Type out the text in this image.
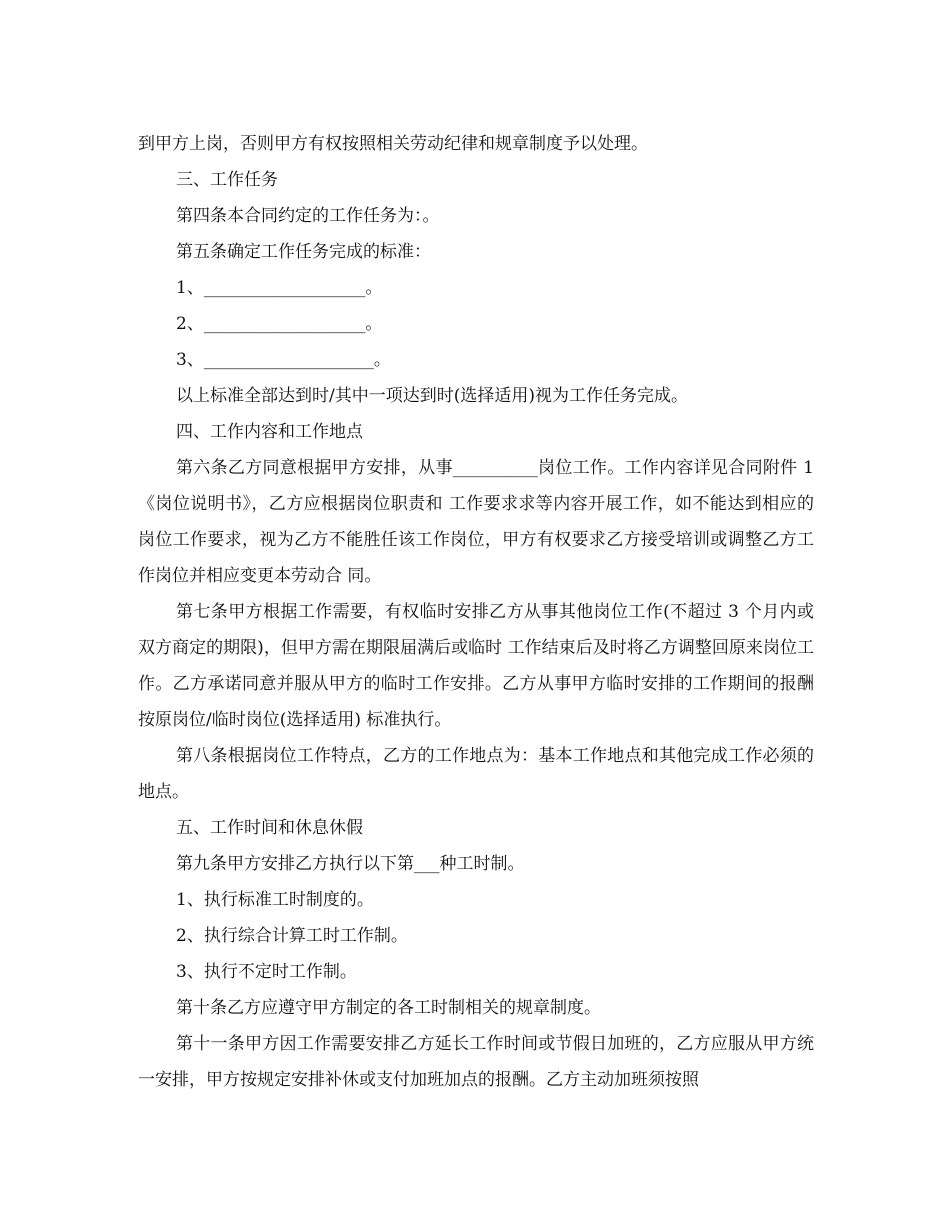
到甲方上岗，否则甲方有权按照相关劳动纪律和规章制度予以处理。

三、工作任务

第四条本合同约定的工作任务为：。

第五条确定工作任务完成的标准：

1、___________________。

2、___________________。

3、____________________。

以上标准全部达到时/其中一项达到时(选择适用)视为工作任务完成。

四、工作内容和工作地点

第六条乙方同意根据甲方安排，从事__________岗位工作。工作内容详见合同附件 1《岗位说明书》，乙方应根据岗位职责和 工作要求求等内容开展工作，如不能达到相应的岗位工作要求，视为乙方不能胜任该工作岗位，甲方有权要求乙方接受培训或调整乙方工作岗位并相应变更本劳动合 同。

第七条甲方根据工作需要，有权临时安排乙方从事其他岗位工作(不超过 3 个月内或双方商定的期限)，但甲方需在期限届满后或临时 工作结束后及时将乙方调整回原来岗位工作。乙方承诺同意并服从甲方的临时工作安排。乙方从事甲方临时安排的工作期间的报酬按原岗位/临时岗位(选择适用) 标准执行。

第八条根据岗位工作特点，乙方的工作地点为：基本工作地点和其他完成工作必须的地点。

五、工作时间和休息休假

第九条甲方安排乙方执行以下第___种工时制。

1、执行标准工时制度的。

2、执行综合计算工时工作制。

3、执行不定时工作制。

第十条乙方应遵守甲方制定的各工时制相关的规章制度。

第十一条甲方因工作需要安排乙方延长工作时间或节假日加班的，乙方应服从甲方统一安排，甲方按规定安排补休或支付加班加点的报酬。乙方主动加班须按照
